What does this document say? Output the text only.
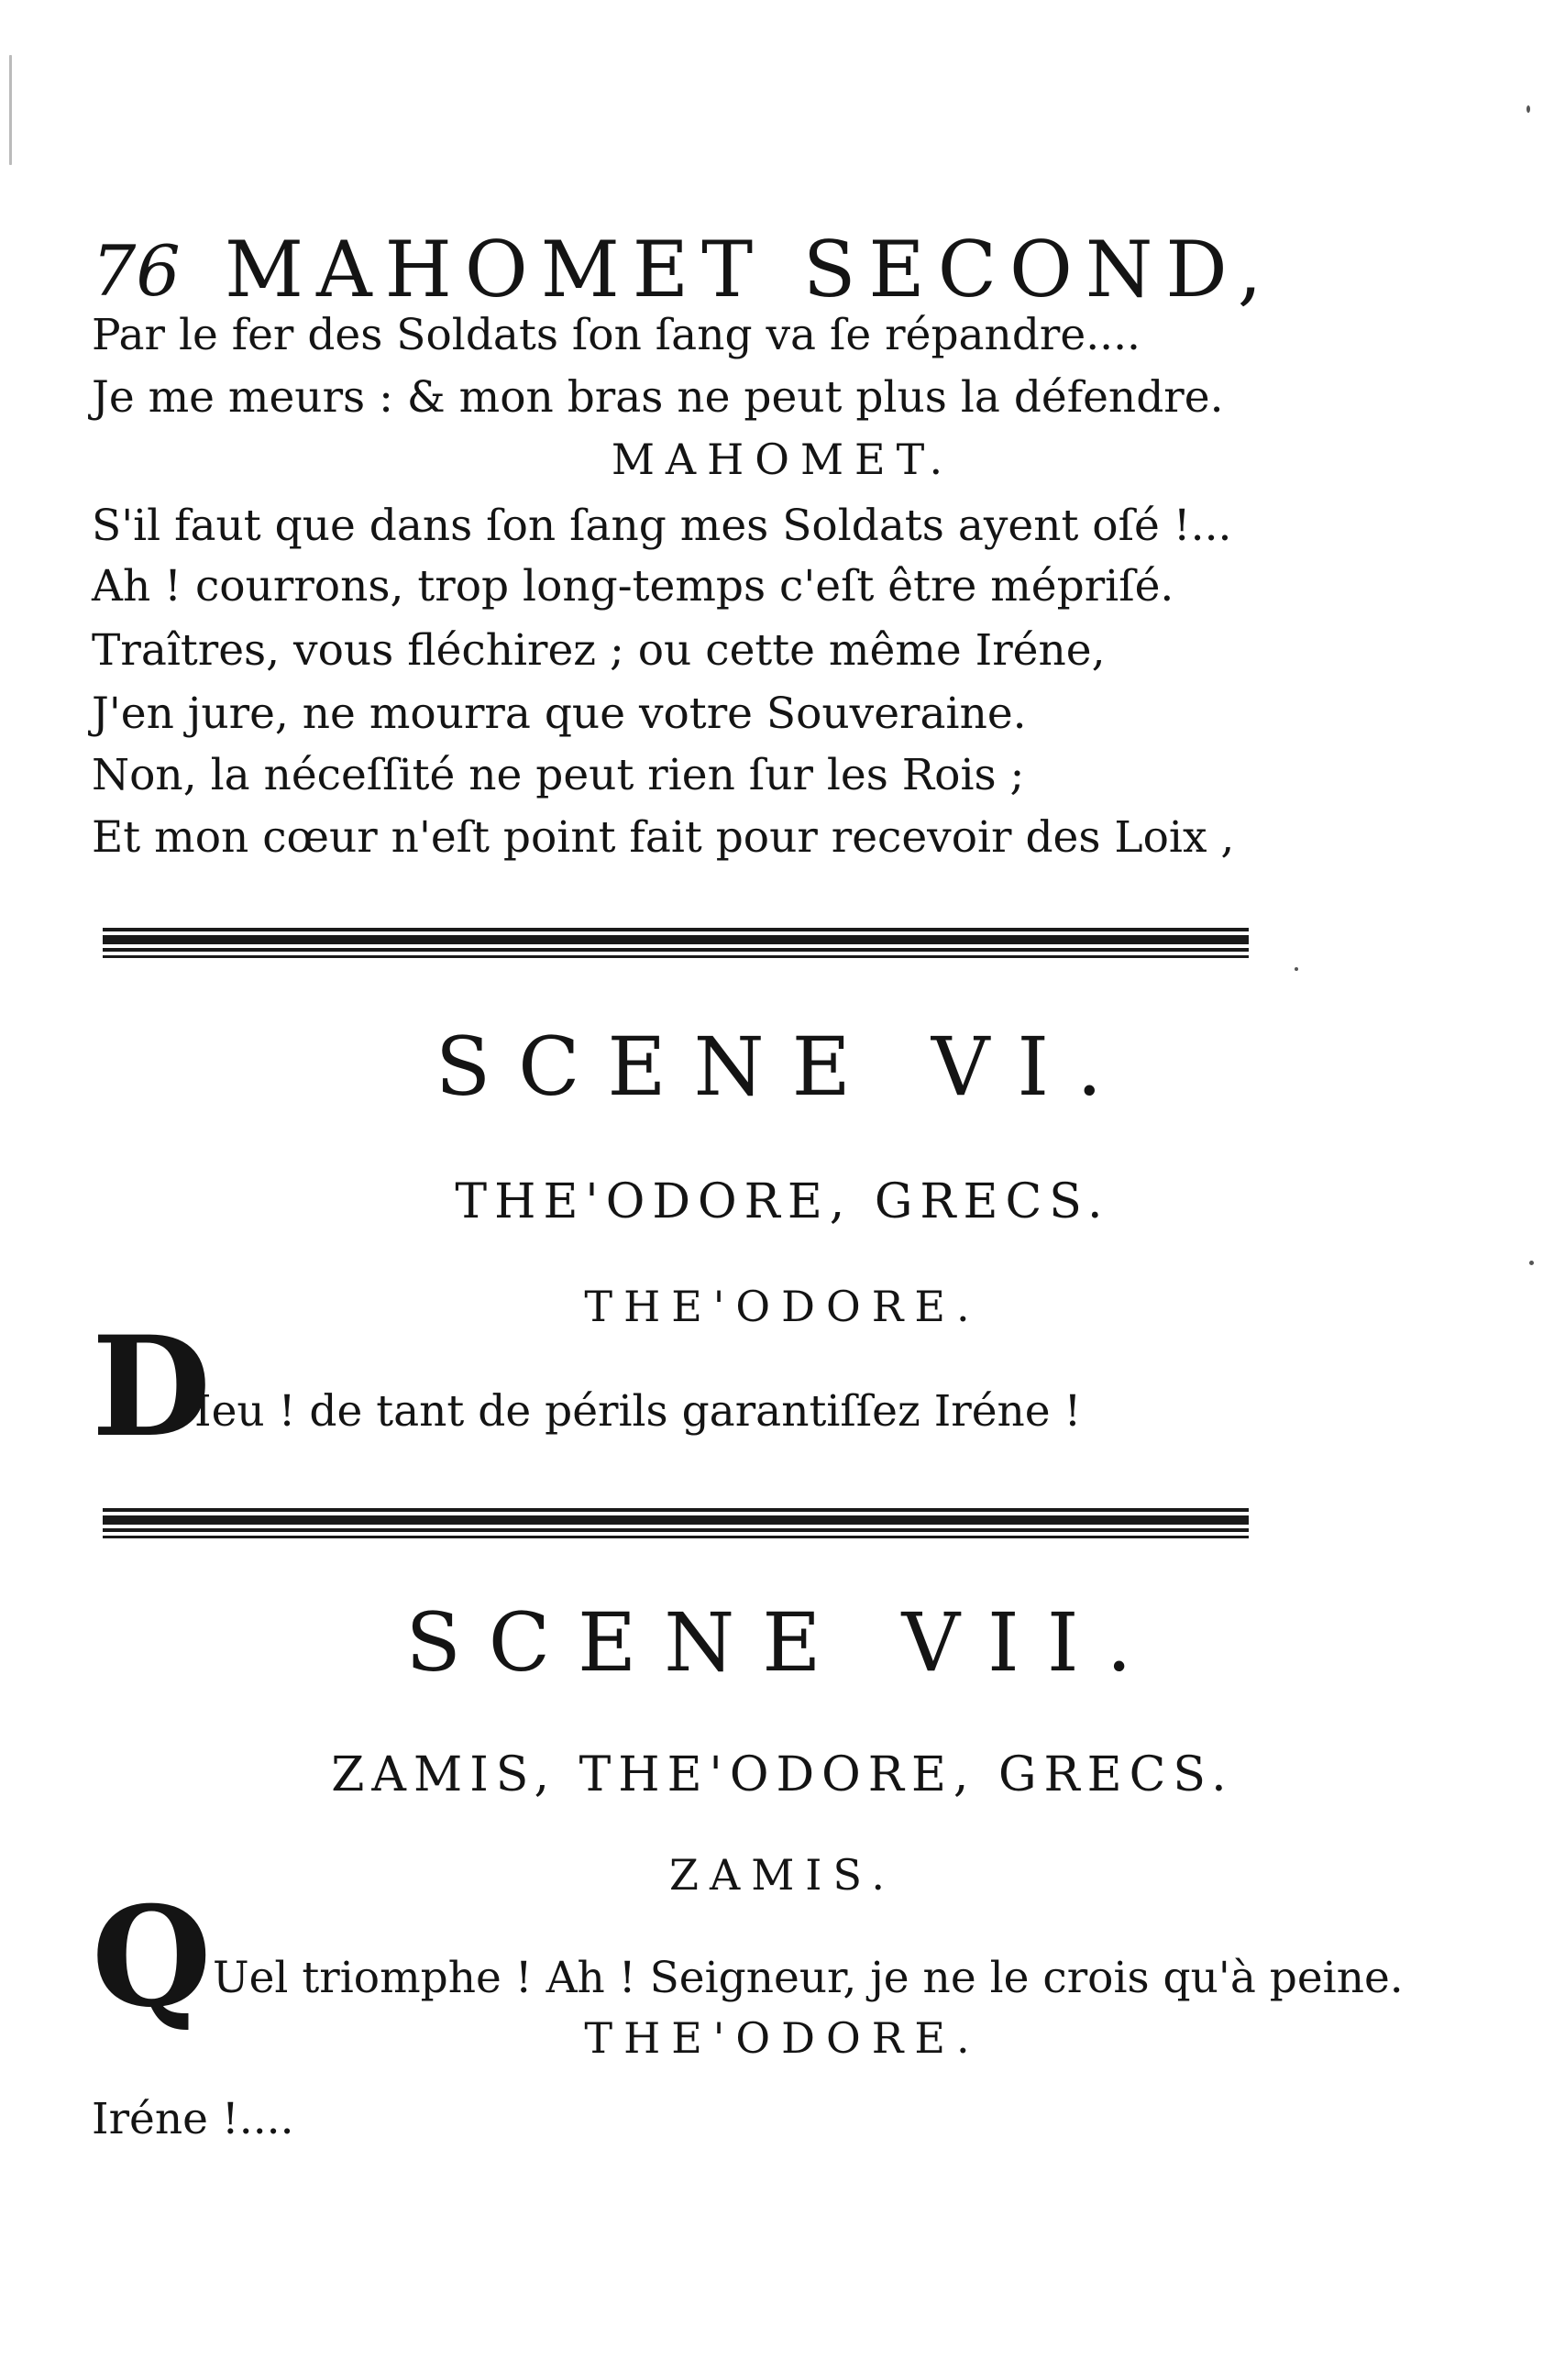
76 MAHOMET SECOND,
Par le fer des Soldats ſon ſang va ſe répandre....
Je me meurs : & mon bras ne peut plus la défendre.
MAHOMET.
S'il faut que dans ſon ſang mes Soldats ayent oſé !...
Ah ! courrons, trop long-temps c'eſt être mépriſé.
Traîtres, vous fléchirez ; ou cette même Iréne,
J'en jure, ne mourra que votre Souveraine.
Non, la néceſſité ne peut rien ſur les Rois ;
Et mon cœur n'eſt point fait pour recevoir des Loix ,
SCENE VI.
THE'ODORE, GRECS.
THE'ODORE.
D
Ieu ! de tant de périls garantiſſez Iréne !
SCENE VII.
ZAMIS, THE'ODORE, GRECS.
ZAMIS.
Q Uel triomphe ! Ah ! Seigneur, je ne le crois qu'à peine.
THE'ODORE.
Iréne !....
